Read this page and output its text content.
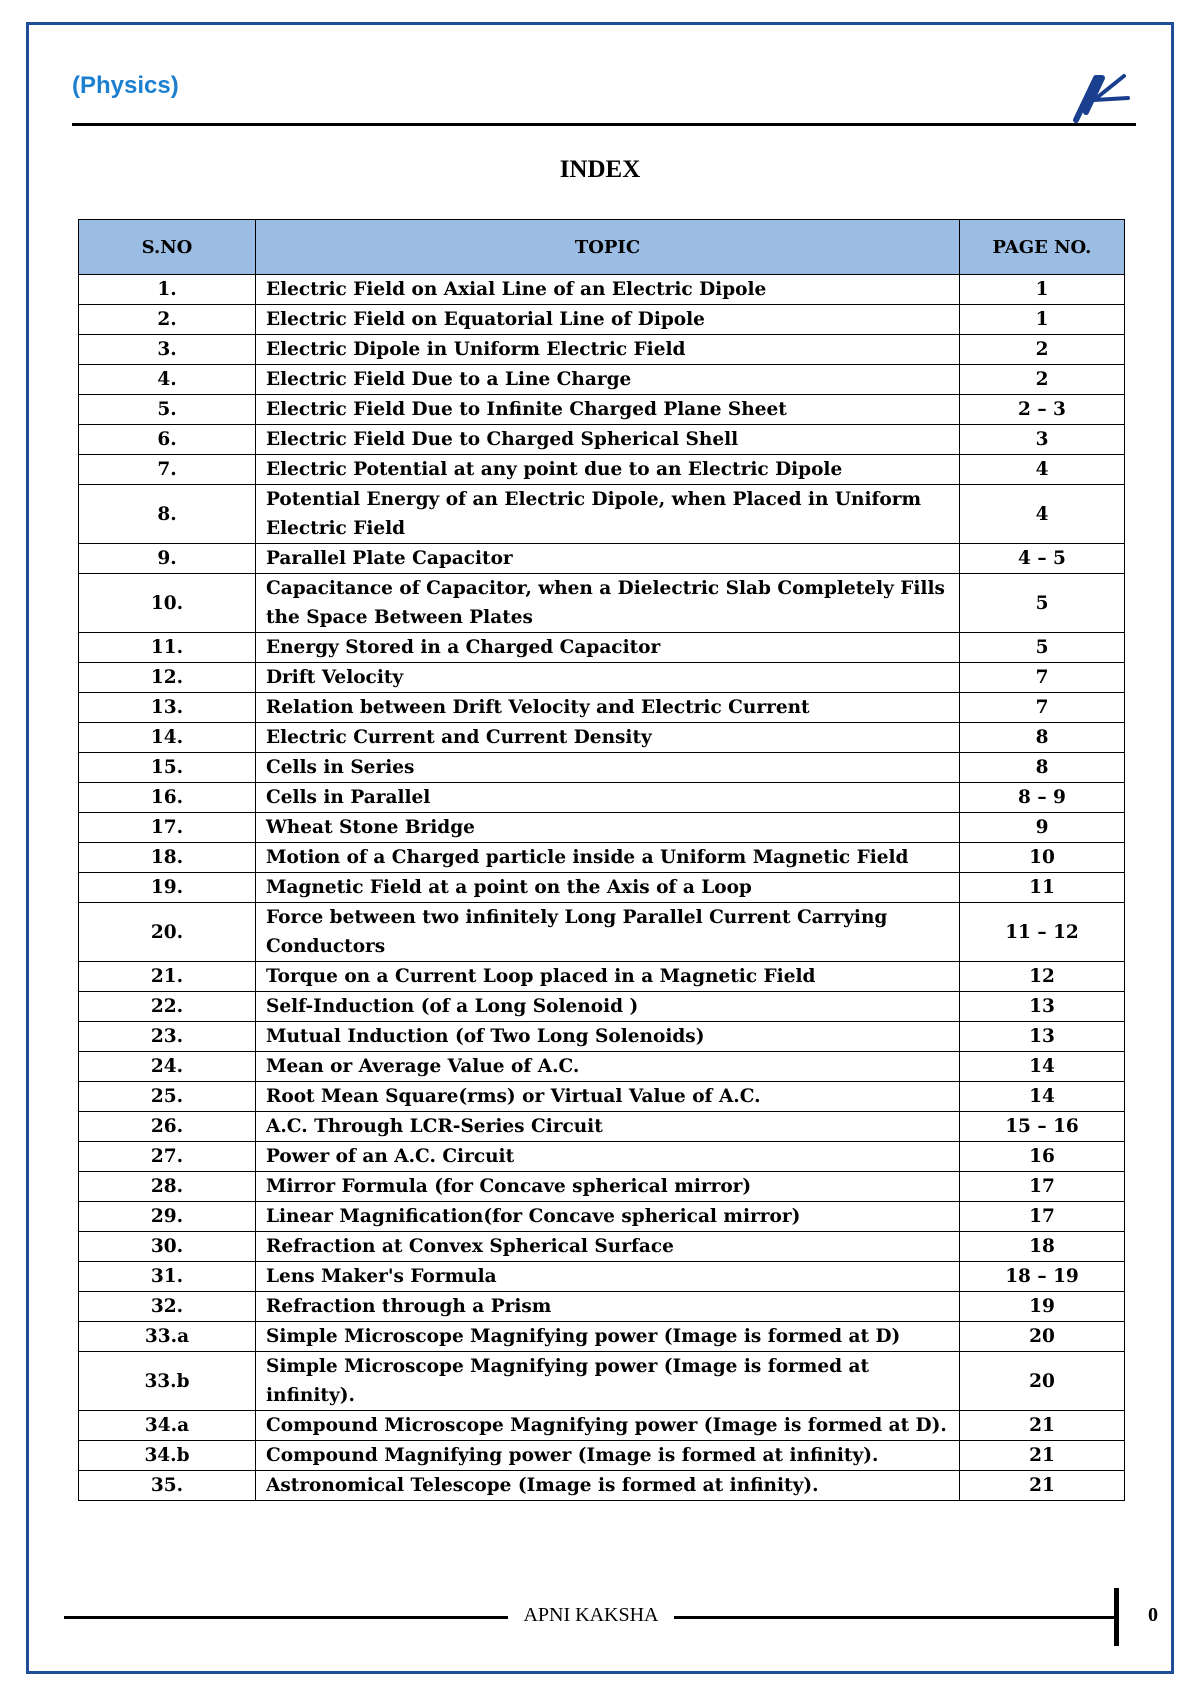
(Physics)
INDEX
S.NO	TOPIC	PAGE NO.
1.	Electric Field on Axial Line of an Electric Dipole	1
2.	Electric Field on Equatorial Line of Dipole	1
3.	Electric Dipole in Uniform Electric Field	2
4.	Electric Field Due to a Line Charge	2
5.	Electric Field Due to Infinite Charged Plane Sheet	2 – 3
6.	Electric Field Due to Charged Spherical Shell	3
7.	Electric Potential at any point due to an Electric Dipole	4
8.	Potential Energy of an Electric Dipole, when Placed in Uniform Electric Field	4
9.	Parallel Plate Capacitor	4 – 5
10.	Capacitance of Capacitor, when a Dielectric Slab Completely Fills the Space Between Plates	5
11.	Energy Stored in a Charged Capacitor	5
12.	Drift Velocity	7
13.	Relation between Drift Velocity and Electric Current	7
14.	Electric Current and Current Density	8
15.	Cells in Series	8
16.	Cells in Parallel	8 – 9
17.	Wheat Stone Bridge	9
18.	Motion of a Charged particle inside a Uniform Magnetic Field	10
19.	Magnetic Field at a point on the Axis of a Loop	11
20.	Force between two infinitely Long Parallel Current Carrying Conductors	11 – 12
21.	Torque on a Current Loop placed in a Magnetic Field	12
22.	Self-Induction (of a Long Solenoid )	13
23.	Mutual Induction (of Two Long Solenoids)	13
24.	Mean or Average Value of A.C.	14
25.	Root Mean Square(rms) or Virtual Value of A.C.	14
26.	A.C. Through LCR-Series Circuit	15 – 16
27.	Power of an A.C. Circuit	16
28.	Mirror Formula (for Concave spherical mirror)	17
29.	Linear Magnification(for Concave spherical mirror)	17
30.	Refraction at Convex Spherical Surface	18
31.	Lens Maker's Formula	18 – 19
32.	Refraction through a Prism	19
33.a	Simple Microscope Magnifying power (Image is formed at D)	20
33.b	Simple Microscope Magnifying power (Image is formed at infinity).	20
34.a	Compound Microscope Magnifying power (Image is formed at D).	21
34.b	Compound Magnifying power (Image is formed at infinity).	21
35.	Astronomical Telescope (Image is formed at infinity).	21
APNI KAKSHA	0
